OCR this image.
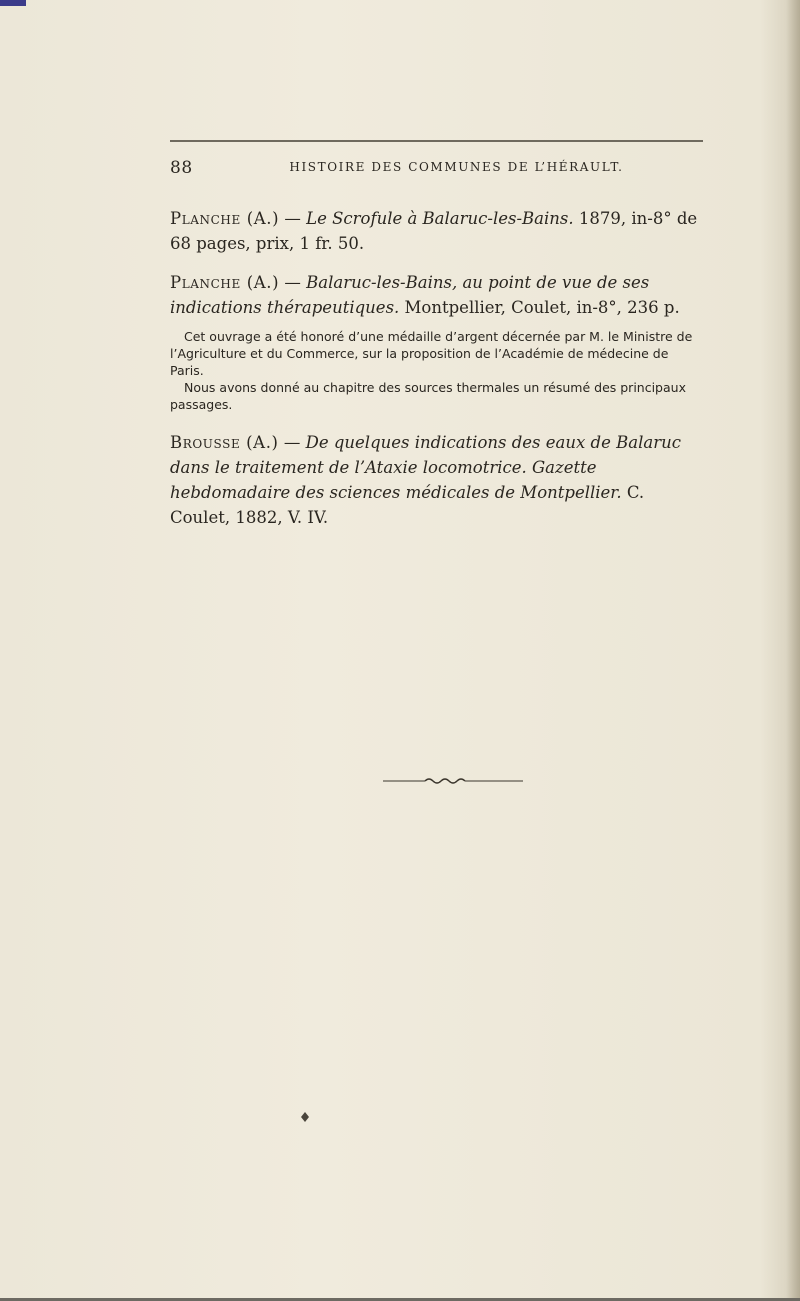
88	HISTOIRE DES COMMUNES DE L’HÉRAULT.

Planche (A.) — Le Scrofule à Balaruc-les-Bains. 1879, in-8° de 68 pages, prix, 1 fr. 50.

Planche (A.) — Balaruc-les-Bains, au point de vue de ses indications thérapeutiques. Montpellier, Coulet, in-8°, 236 p.

Cet ouvrage a été honoré d’une médaille d’argent décernée par M. le Ministre de l’Agriculture et du Commerce, sur la proposition de l’Académie de médecine de Paris.

Nous avons donné au chapitre des sources thermales un résumé des principaux passages.

Brousse (A.) — De quelques indications des eaux de Balaruc dans le traitement de l’Ataxie locomotrice. Gazette hebdomadaire des sciences médicales de Montpellier. C. Coulet, 1882, V. IV.
